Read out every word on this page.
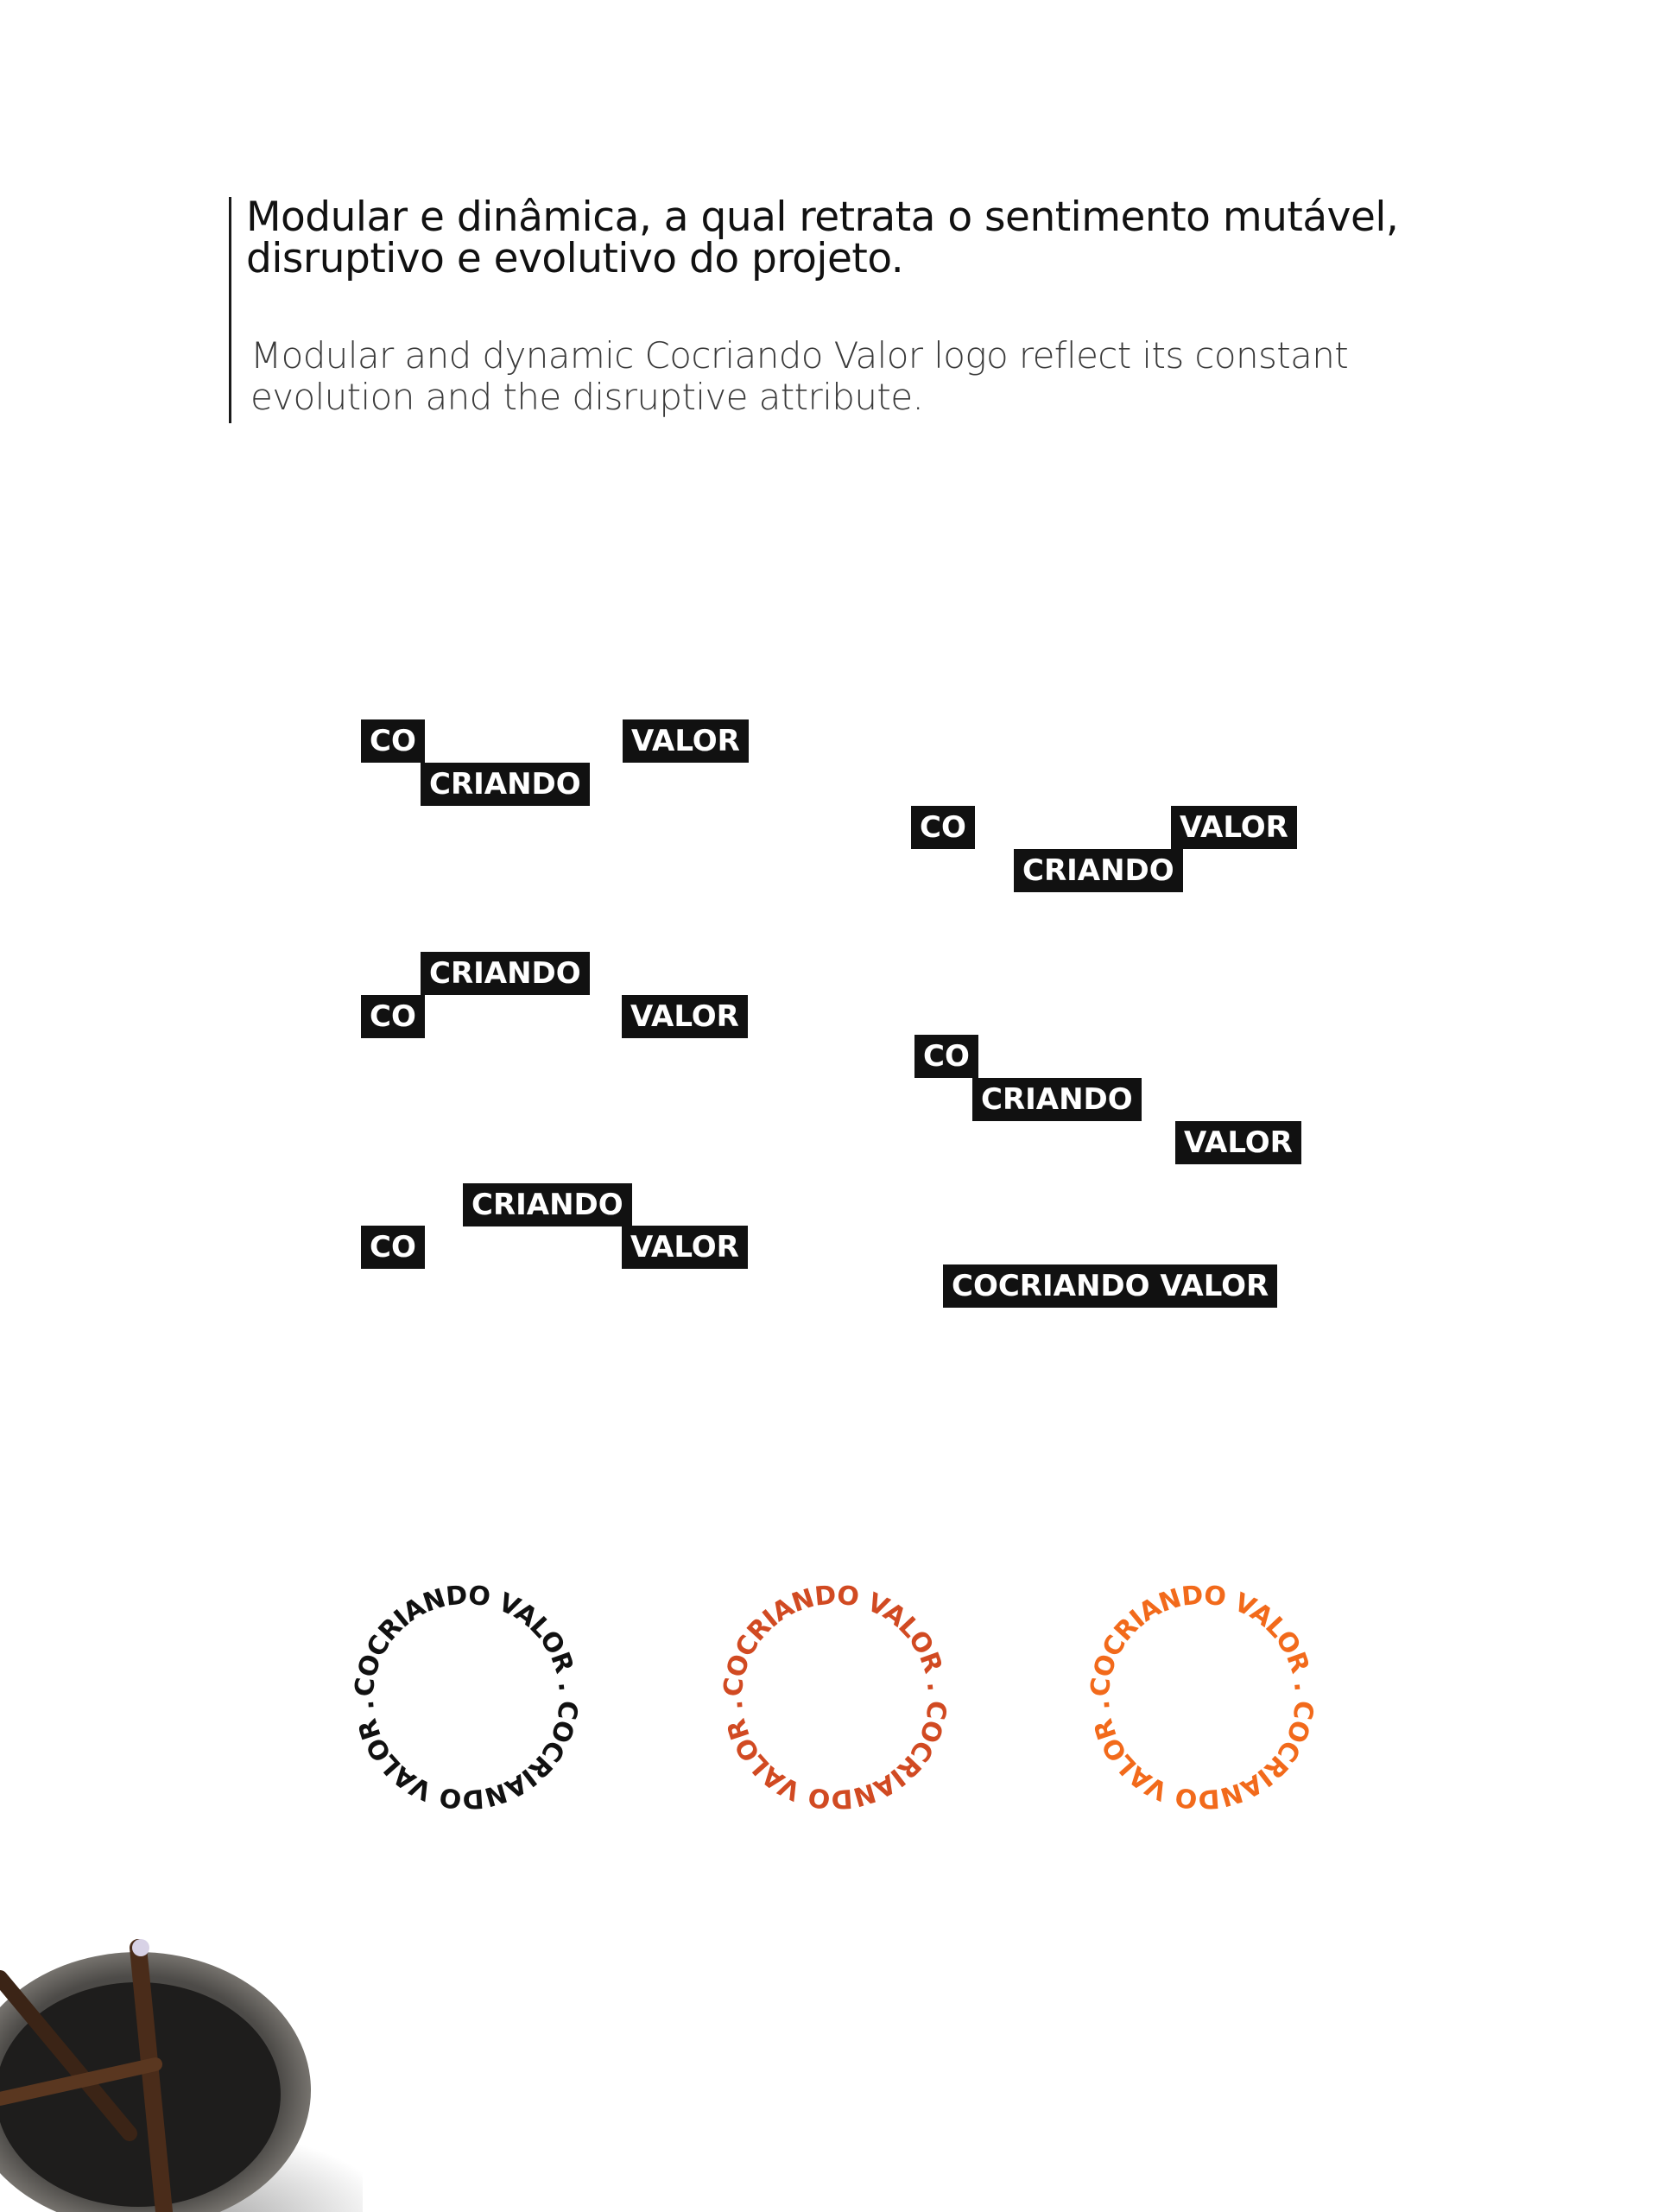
Modular e dinâmica, a qual retrata o sentimento mutável, disruptivo e evolutivo do projeto.

Modular and dynamic Cocriando Valor logo reflect its constant evolution and the disruptive attribute.

CO
CRIANDO
VALOR
CO
CRIANDO
VALOR
CRIANDO
CO	VALOR
CO
CRIANDO
VALOR
CRIANDO
CO	VALOR
COCRIANDO VALOR
COCRIANDO VALOR . COCRIANDO VALOR .
COCRIANDO VALOR . COCRIANDO VALOR .
COCRIANDO VALOR . COCRIANDO VALOR .
